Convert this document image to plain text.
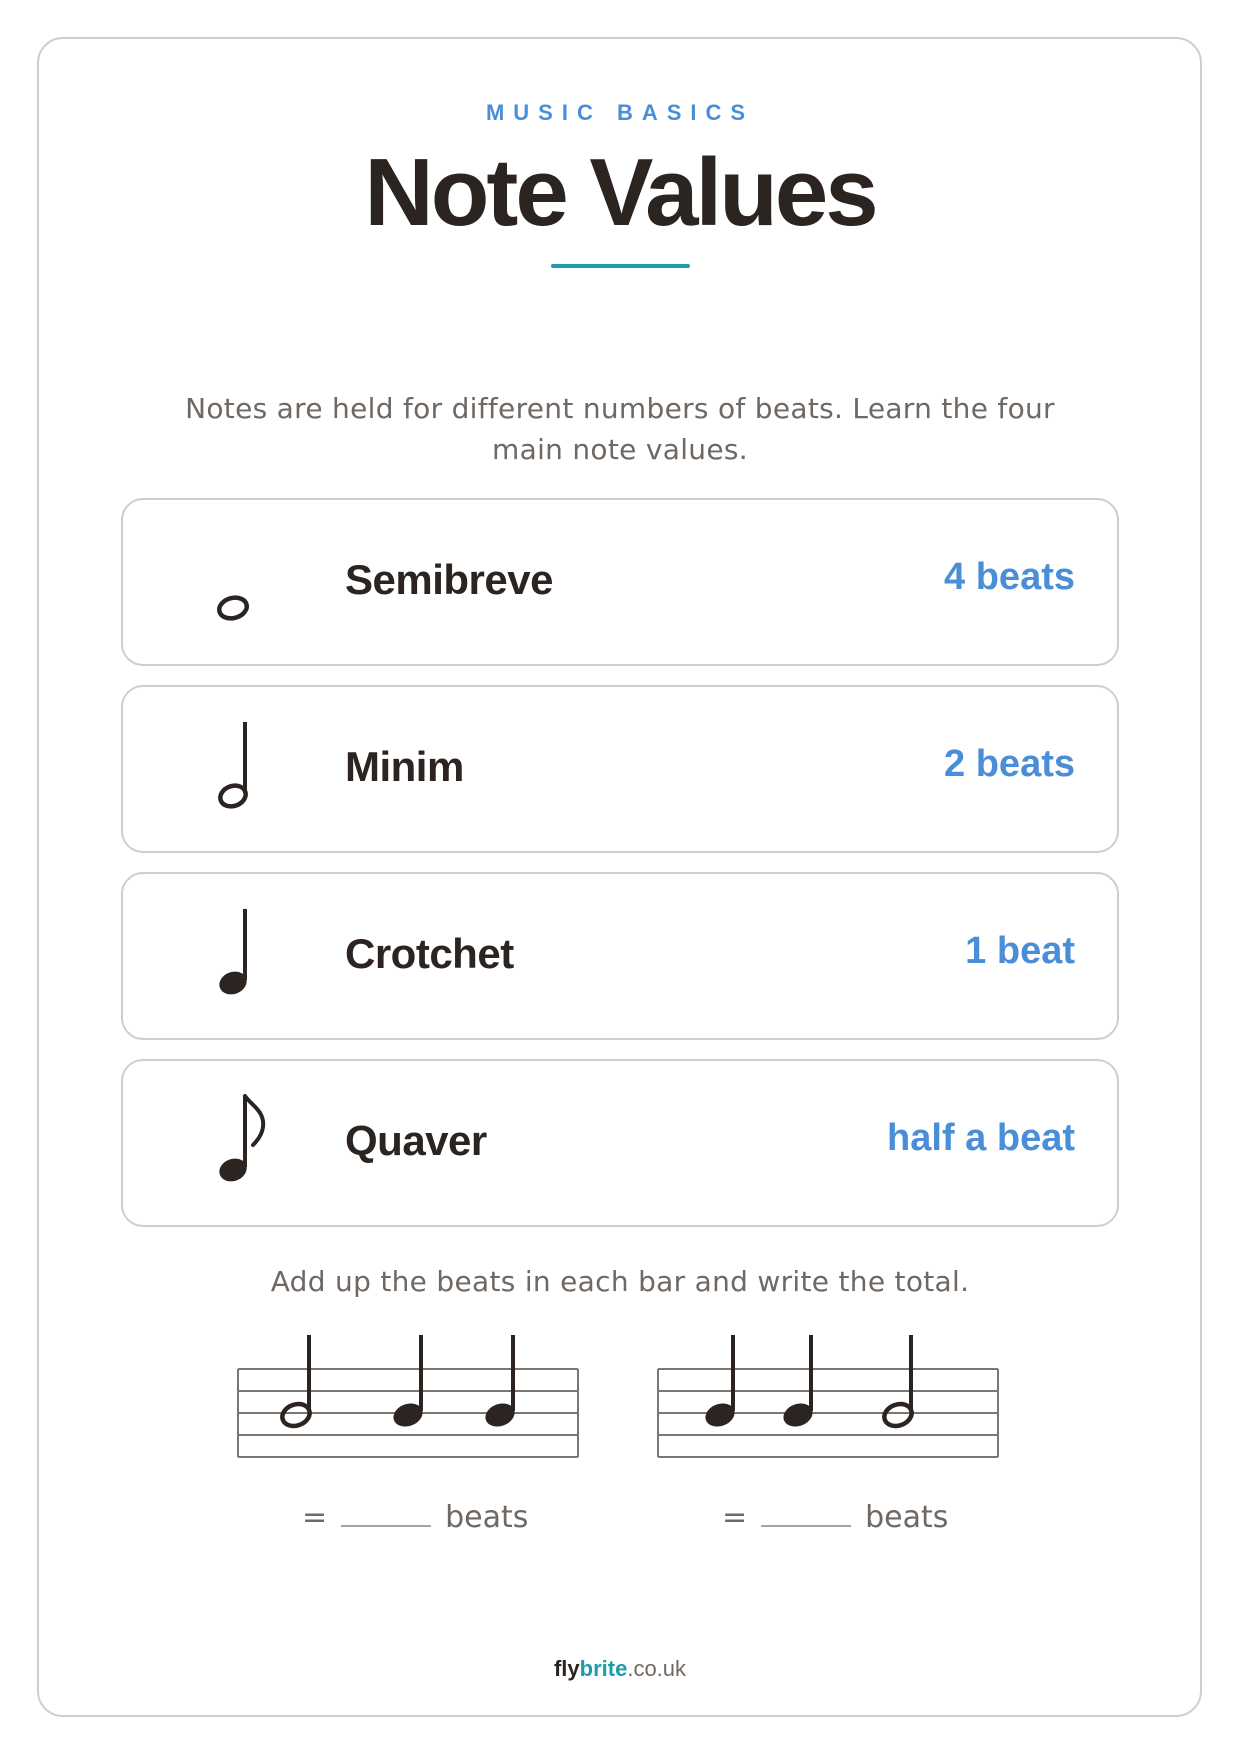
MUSIC BASICS
Note Values
Notes are held for different numbers of beats. Learn the four main note values.
Semibreve	4 beats
Minim	2 beats
Crotchet	1 beat
Quaver	half a beat
Add up the beats in each bar and write the total.
=	beats	=	beats
flybrite.co.uk
